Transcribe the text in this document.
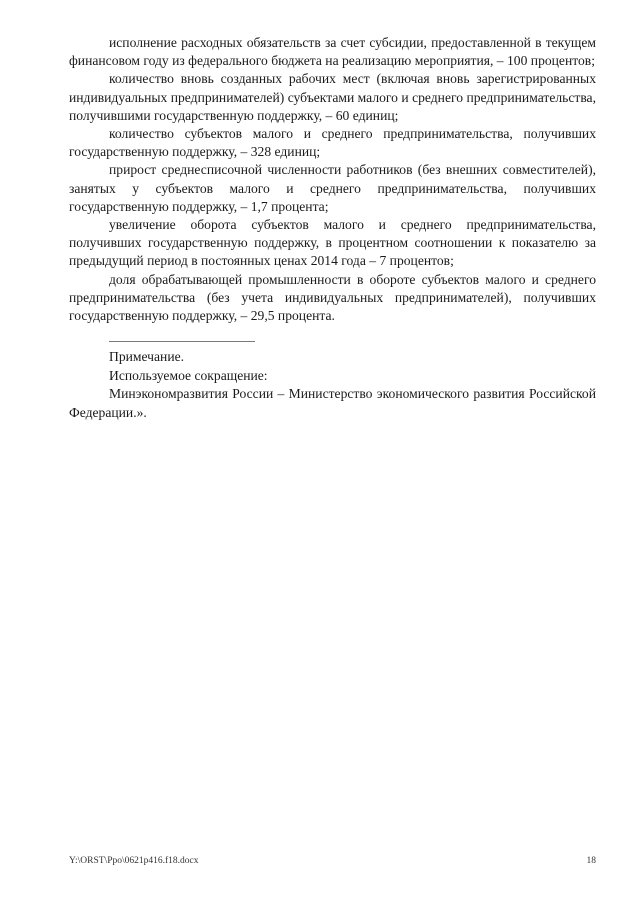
исполнение расходных обязательств за счет субсидии, предоставленной в текущем финансовом году из федерального бюджета на реализацию мероприятия, – 100 процентов;

количество вновь созданных рабочих мест (включая вновь зарегистрированных индивидуальных предпринимателей) субъектами малого и среднего предпринимательства, получившими государственную поддержку, – 60 единиц;

количество субъектов малого и среднего предпринимательства, получивших государственную поддержку, – 328 единиц;

прирост среднесписочной численности работников (без внешних совместителей), занятых у субъектов малого и среднего предпринимательства, получивших государственную поддержку, – 1,7 процента;

увеличение оборота субъектов малого и среднего предпринимательства, получивших государственную поддержку, в процентном соотношении к показателю за предыдущий период в постоянных ценах 2014 года – 7 процентов;

доля обрабатывающей промышленности в обороте субъектов малого и среднего предпринимательства (без учета индивидуальных предпринимателей), получивших государственную поддержку, – 29,5 процента.

Примечание.

Используемое сокращение:

Минэкономразвития России – Министерство экономического развития Российской Федерации.».

Y:\ORST\Ppo\0621p416.f18.docx	18
